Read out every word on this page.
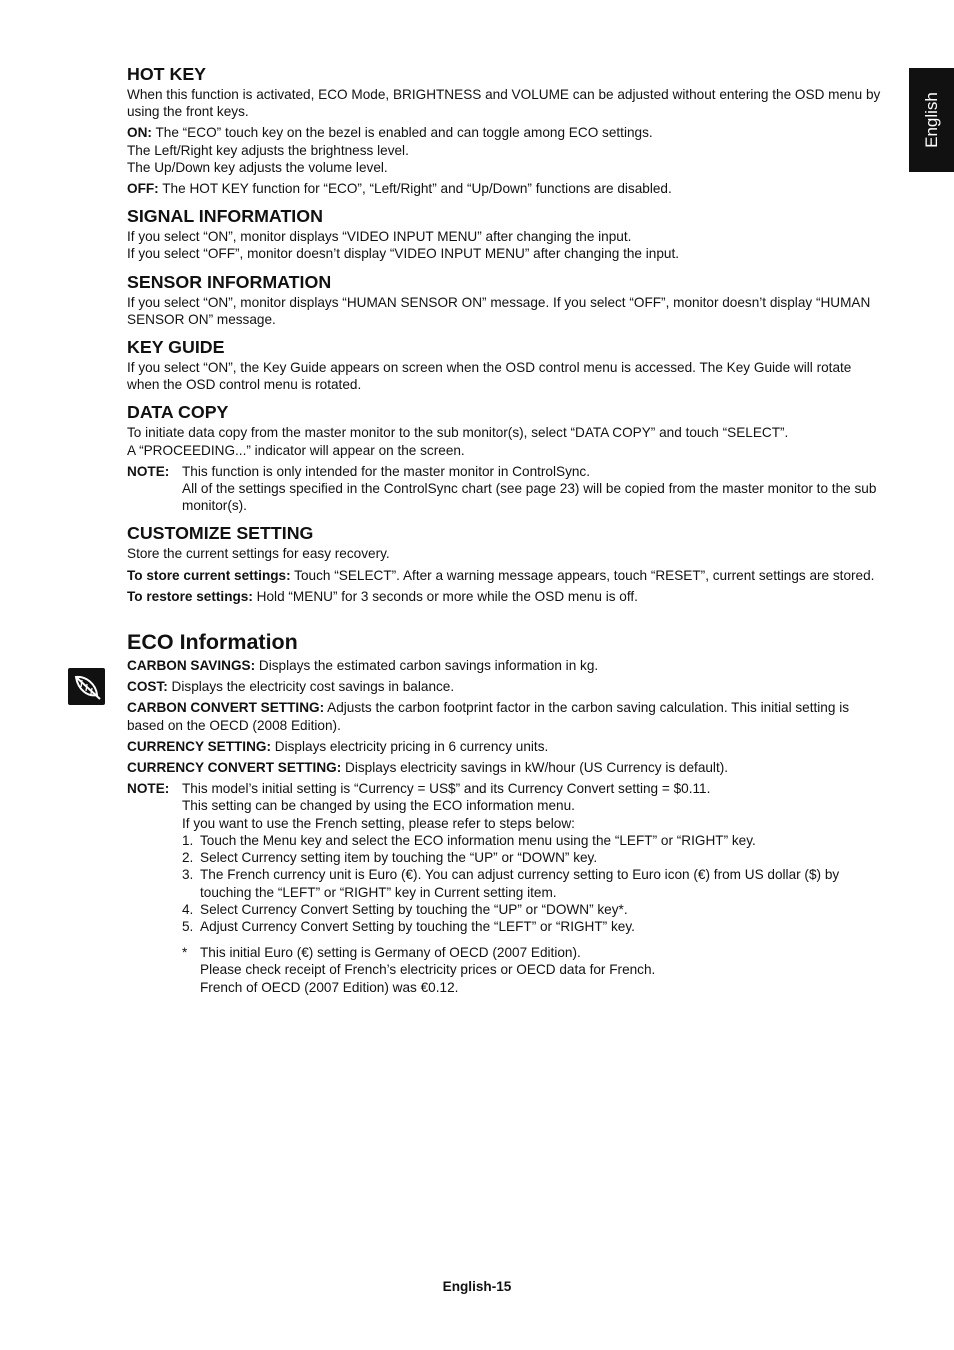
English
HOT KEY

When this function is activated, ECO Mode, BRIGHTNESS and VOLUME can be adjusted without entering the OSD menu by using the front keys.

ON: The “ECO” touch key on the bezel is enabled and can toggle among ECO settings.

The Left/Right key adjusts the brightness level.

The Up/Down key adjusts the volume level.

OFF: The HOT KEY function for “ECO”, “Left/Right” and “Up/Down” functions are disabled.

SIGNAL INFORMATION

If you select “ON”, monitor displays “VIDEO INPUT MENU” after changing the input.

If you select “OFF”, monitor doesn’t display “VIDEO INPUT MENU” after changing the input.

SENSOR INFORMATION

If you select “ON”, monitor displays “HUMAN SENSOR ON” message. If you select “OFF”, monitor doesn’t display “HUMAN SENSOR ON” message.

KEY GUIDE

If you select “ON”, the Key Guide appears on screen when the OSD control menu is accessed. The Key Guide will rotate when the OSD control menu is rotated.

DATA COPY

To initiate data copy from the master monitor to the sub monitor(s), select “DATA COPY” and touch “SELECT”.

A “PROCEEDING...” indicator will appear on the screen.

NOTE: This function is only intended for the master monitor in ControlSync.

All of the settings specified in the ControlSync chart (see page 23) will be copied from the master monitor to the sub monitor(s).

CUSTOMIZE SETTING

Store the current settings for easy recovery.

To store current settings: Touch “SELECT”. After a warning message appears, touch “RESET”, current settings are stored.

To restore settings: Hold “MENU” for 3 seconds or more while the OSD menu is off.

ECO Information

CARBON SAVINGS: Displays the estimated carbon savings information in kg.

COST: Displays the electricity cost savings in balance.

CARBON CONVERT SETTING: Adjusts the carbon footprint factor in the carbon saving calculation. This initial setting is based on the OECD (2008 Edition).

CURRENCY SETTING: Displays electricity pricing in 6 currency units.

CURRENCY CONVERT SETTING: Displays electricity savings in kW/hour (US Currency is default).

NOTE: This model’s initial setting is “Currency = US$” and its Currency Convert setting = $0.11.

This setting can be changed by using the ECO information menu.

If you want to use the French setting, please refer to steps below:

1. Touch the Menu key and select the ECO information menu using the “LEFT” or “RIGHT” key.
2. Select Currency setting item by touching the “UP” or “DOWN” key.
3. The French currency unit is Euro (€). You can adjust currency setting to Euro icon (€) from US dollar ($) by touching the “LEFT” or “RIGHT” key in Current setting item.
4. Select Currency Convert Setting by touching the “UP” or “DOWN” key*.
5. Adjust Currency Convert Setting by touching the “LEFT” or “RIGHT” key.
* This initial Euro (€) setting is Germany of OECD (2007 Edition).

Please check receipt of French’s electricity prices or OECD data for French.

French of OECD (2007 Edition) was €0.12.

English-15
